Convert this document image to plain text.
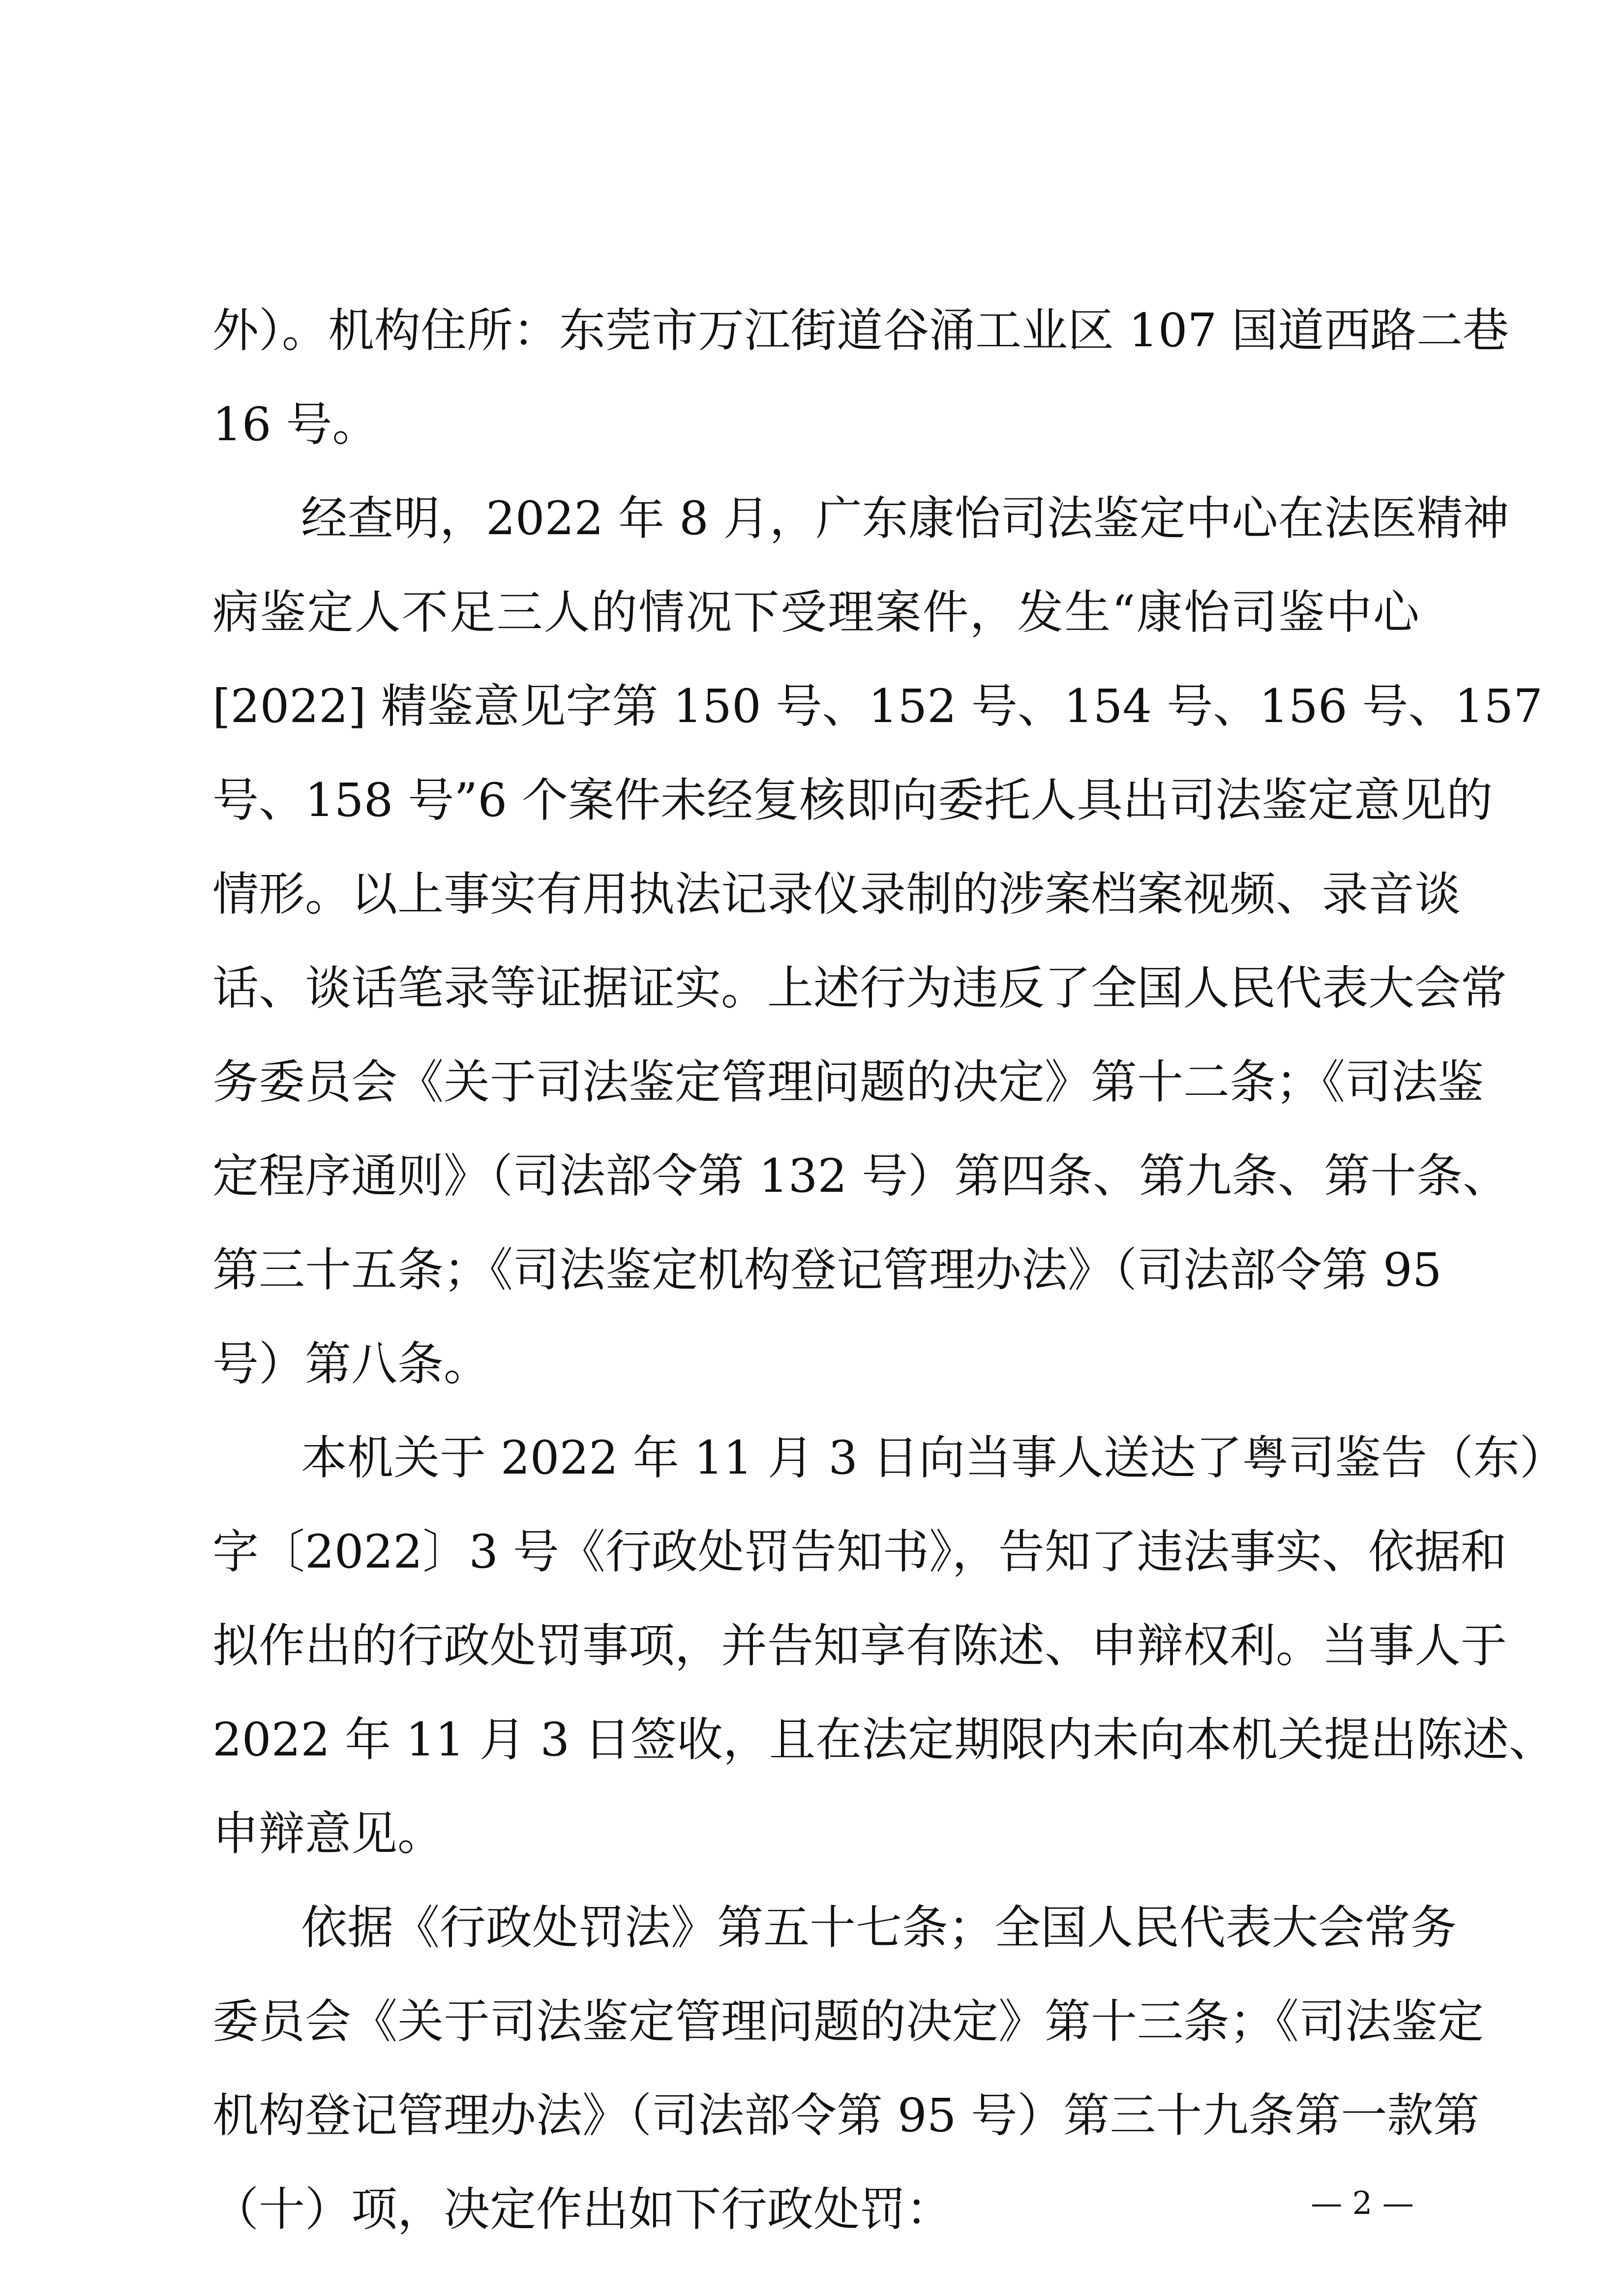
外）。机构住所：东莞市万江街道谷涌工业区 107 国道西路二巷
16 号。
经查明，2022 年 8 月，广东康怡司法鉴定中心在法医精神
病鉴定人不足三人的情况下受理案件，发生“康怡司鉴中心
[2022] 精鉴意见字第 150 号、152 号、154 号、156 号、157
号、158 号”6 个案件未经复核即向委托人具出司法鉴定意见的
情形。以上事实有用执法记录仪录制的涉案档案视频、录音谈
话、谈话笔录等证据证实。上述行为违反了全国人民代表大会常
务委员会《关于司法鉴定管理问题的决定》第十二条；《司法鉴
定程序通则》（司法部令第 132 号）第四条、第九条、第十条、
第三十五条；《司法鉴定机构登记管理办法》（司法部令第 95
号）第八条。
本机关于 2022 年 11 月 3 日向当事人送达了粤司鉴告（东）
字〔2022〕3 号《行政处罚告知书》，告知了违法事实、依据和
拟作出的行政处罚事项，并告知享有陈述、申辩权利。当事人于
2022 年 11 月 3 日签收，且在法定期限内未向本机关提出陈述、
申辩意见。
依据《行政处罚法》第五十七条；全国人民代表大会常务
委员会《关于司法鉴定管理问题的决定》第十三条；《司法鉴定
机构登记管理办法》（司法部令第 95 号）第三十九条第一款第
（十）项，决定作出如下行政处罚：	— 2 —
